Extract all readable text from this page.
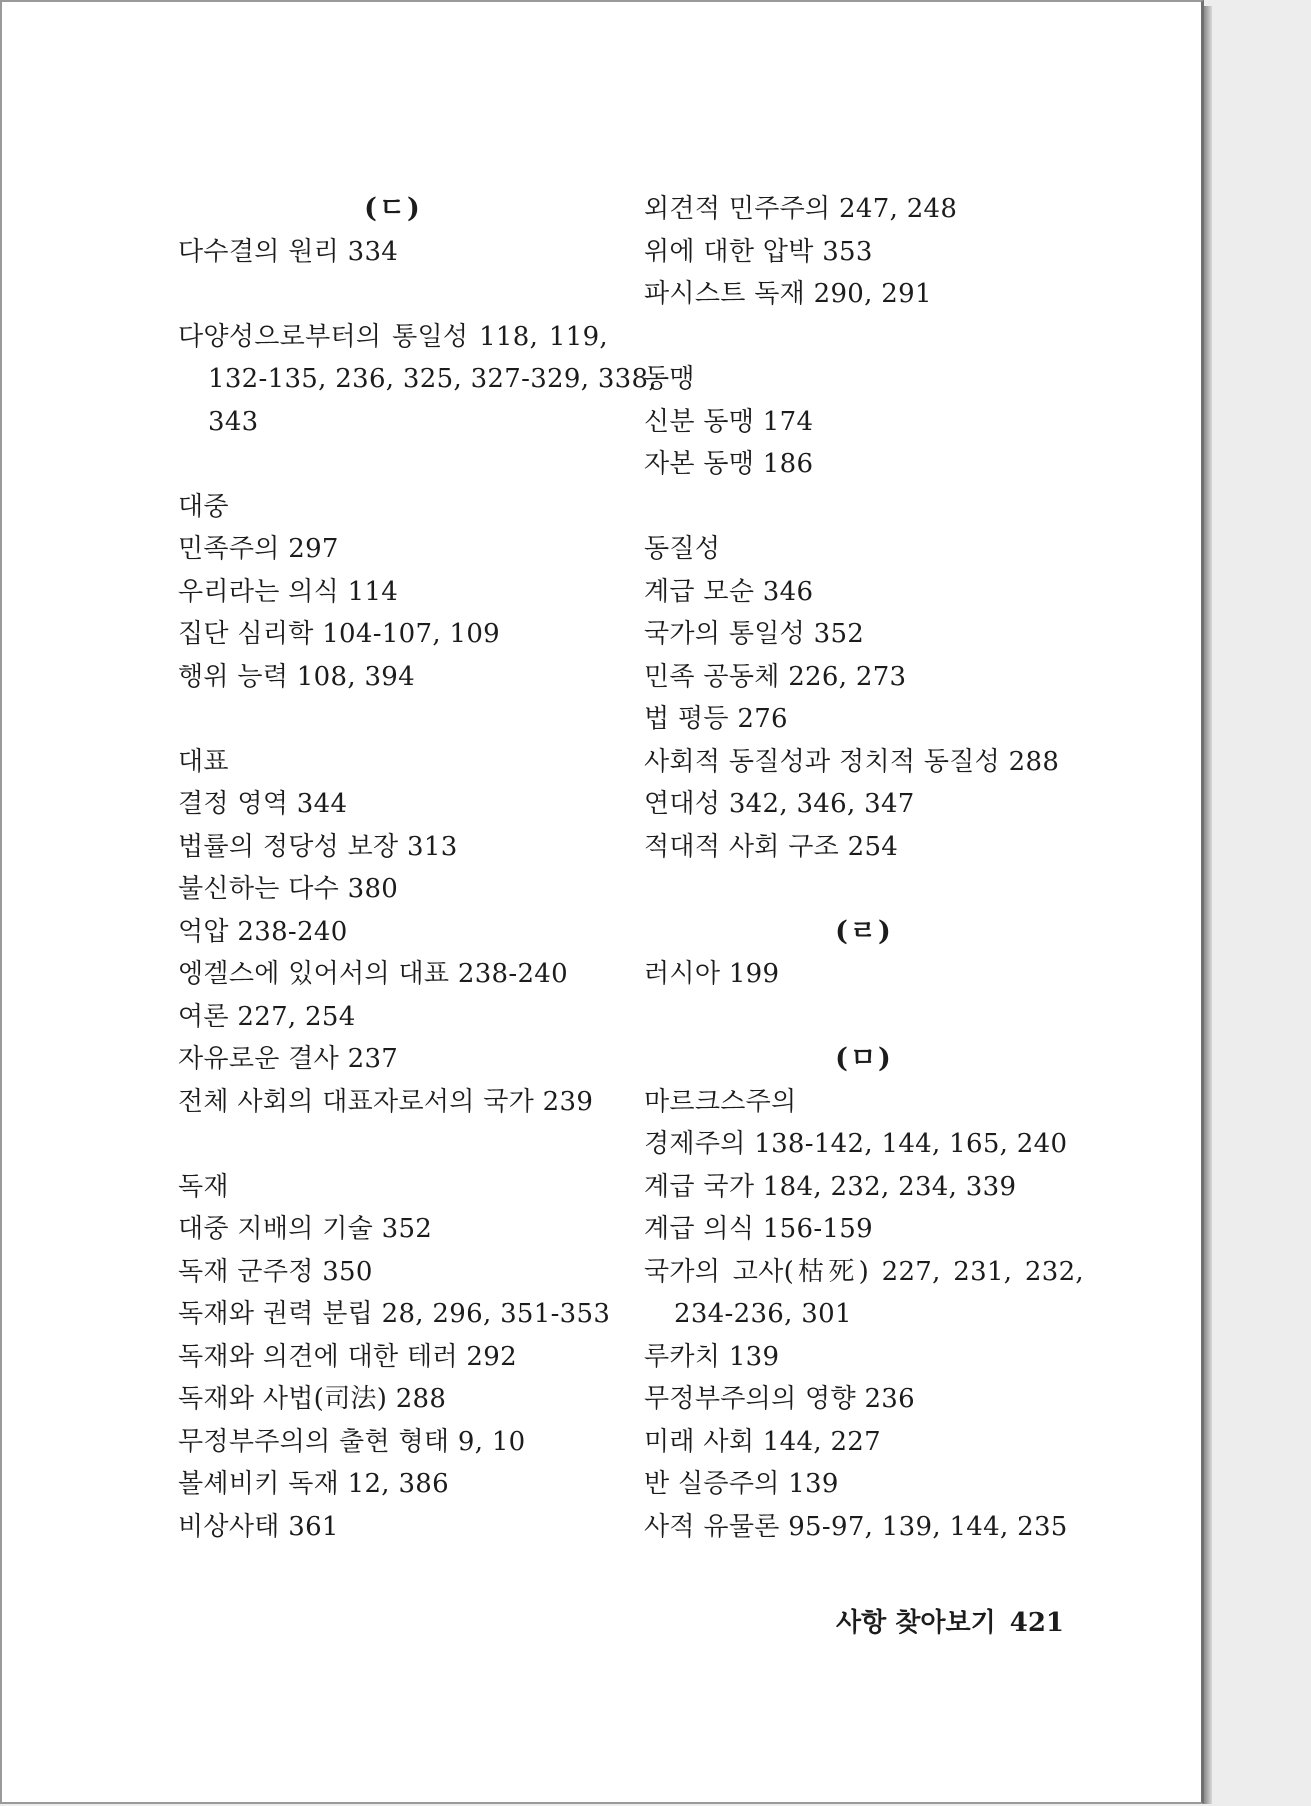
(ㄷ)
다수결의 원리 334
다양성으로부터의 통일성 118, 119,
132-135, 236, 325, 327-329, 338,
343
대중
민족주의 297
우리라는 의식 114
집단 심리학 104-107, 109
행위 능력 108, 394
대표
결정 영역 344
법률의 정당성 보장 313
불신하는 다수 380
억압 238-240
엥겔스에 있어서의 대표 238-240
여론 227, 254
자유로운 결사 237
전체 사회의 대표자로서의 국가 239
독재
대중 지배의 기술 352
독재 군주정 350
독재와 권력 분립 28, 296, 351-353
독재와 의견에 대한 테러 292
독재와 사법(司法) 288
무정부주의의 출현 형태 9, 10
볼셰비키 독재 12, 386
비상사태 361
외견적 민주주의 247, 248
위에 대한 압박 353
파시스트 독재 290, 291
동맹
신분 동맹 174
자본 동맹 186
동질성
계급 모순 346
국가의 통일성 352
민족 공동체 226, 273
법 평등 276
사회적 동질성과 정치적 동질성 288
연대성 342, 346, 347
적대적 사회 구조 254
(ㄹ)
러시아 199
(ㅁ)
마르크스주의
경제주의 138-142, 144, 165, 240
계급 국가 184, 232, 234, 339
계급 의식 156-159
국가의 고사(枯死) 227, 231, 232,
234-236, 301
루카치 139
무정부주의의 영향 236
미래 사회 144, 227
반 실증주의 139
사적 유물론 95-97, 139, 144, 235
사항 찾아보기 421
